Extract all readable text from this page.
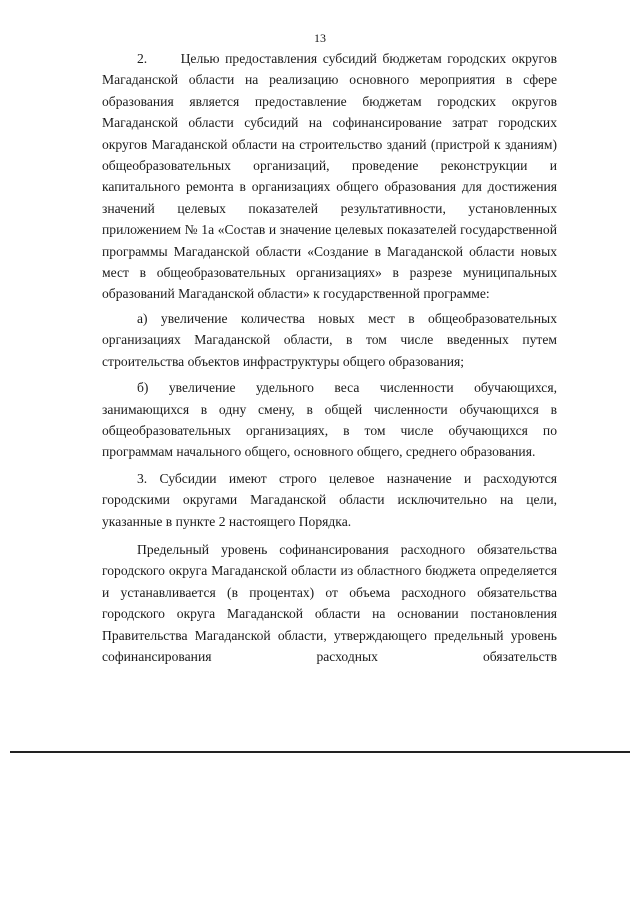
13

2.      Целью предоставления субсидий бюджетам городских округов Магаданской области на реализацию основного мероприятия в сфере образования является предоставление бюджетам городских округов Магаданской области субсидий на софинансирование затрат городских округов Магаданской области на строительство зданий (пристрой к зданиям) общеобразовательных организаций, проведение реконструкции и капитального ремонта в организациях общего образования для достижения значений целевых показателей результативности, установленных приложением № 1а «Состав и значение целевых показателей государственной программы Магаданской области «Создание в Магаданской области новых мест в общеобразовательных организациях» в разрезе муниципальных образований Магаданской области» к государственной программе:

а) увеличение количества новых мест в общеобразовательных организациях Магаданской области, в том числе введенных путем строительства объектов инфраструктуры общего образования;

б) увеличение удельного веса численности обучающихся, занимающихся в одну смену, в общей численности обучающихся в общеобразовательных организациях, в том числе обучающихся по программам начального общего, основного общего, среднего образования.

3. Субсидии имеют строго целевое назначение и расходуются городскими округами Магаданской области исключительно на цели, указанные в пункте 2 настоящего Порядка.

Предельный уровень софинансирования расходного обязательства городского округа Магаданской области из областного бюджета определяется и устанавливается (в процентах) от объема расходного обязательства городского округа Магаданской области на основании постановления Правительства Магаданской области, утверждающего предельный уровень софинансирования расходных обязательств
